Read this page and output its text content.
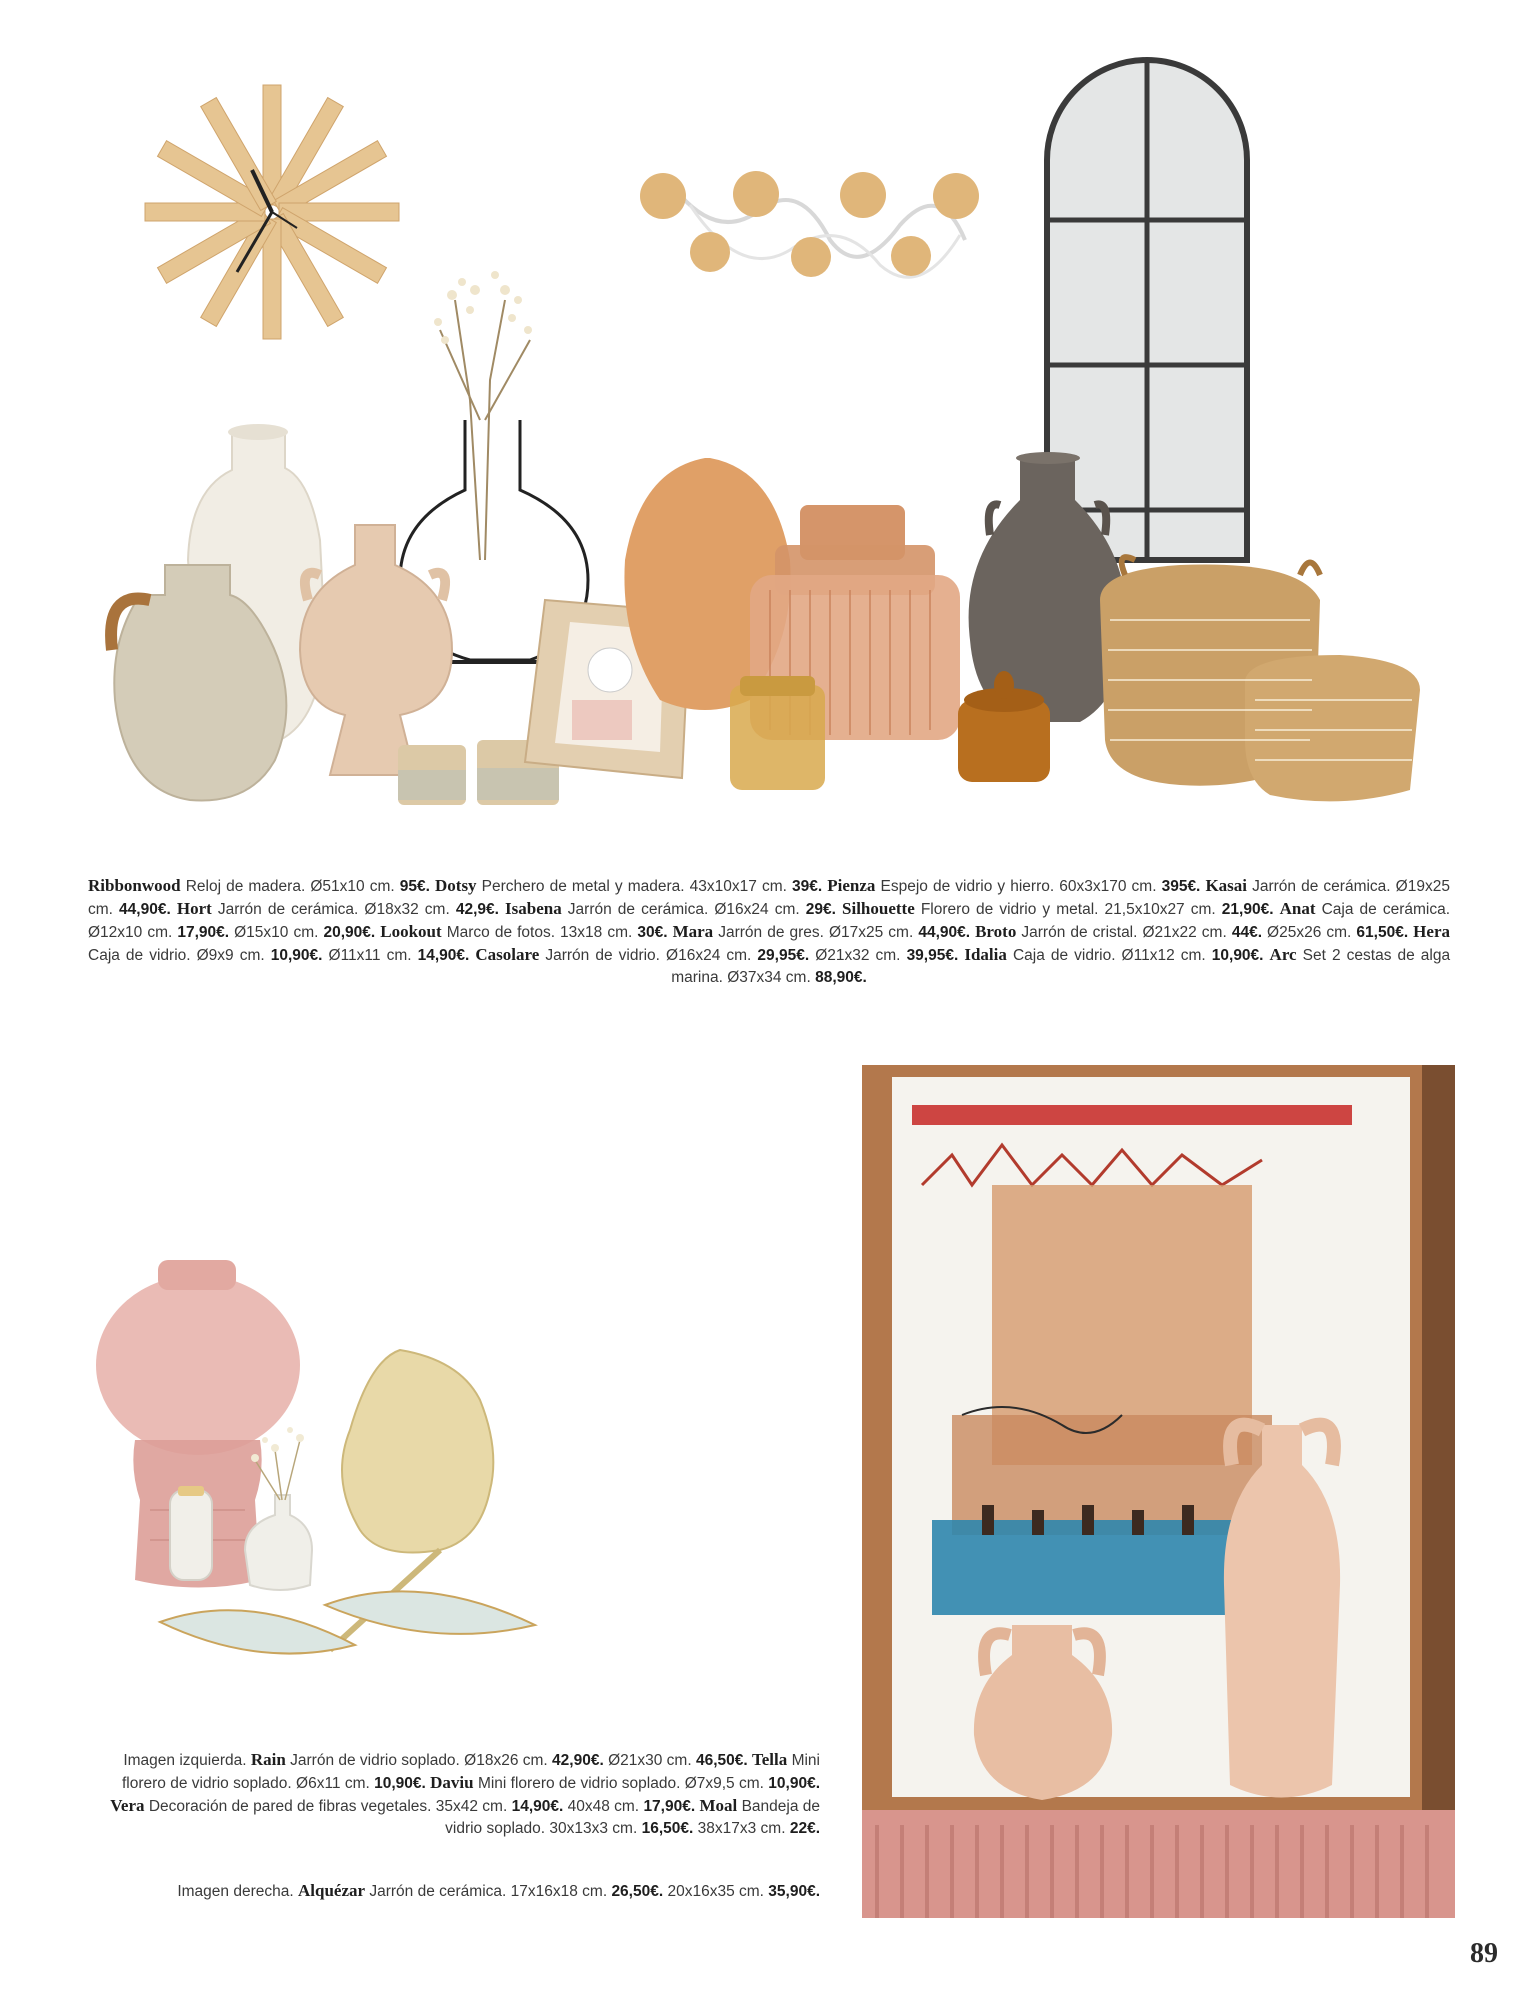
Ribbonwood Reloj de madera. Ø51x10 cm. 95€. Dotsy Perchero de metal y madera. 43x10x17 cm. 39€. Pienza Espejo de vidrio y hierro. 60x3x170 cm. 395€. Kasai Jarrón de cerámica. Ø19x25 cm. 44,90€. Hort Jarrón de cerámica. Ø18x32 cm. 42,9€. Isabena Jarrón de cerámica. Ø16x24 cm. 29€. Silhouette Florero de vidrio y metal. 21,5x10x27 cm. 21,90€. Anat Caja de cerámica. Ø12x10 cm. 17,90€. Ø15x10 cm. 20,90€. Lookout Marco de fotos. 13x18 cm. 30€. Mara Jarrón de gres. Ø17x25 cm. 44,90€. Broto Jarrón de cristal. Ø21x22 cm. 44€. Ø25x26 cm. 61,50€. Hera Caja de vidrio. Ø9x9 cm. 10,90€. Ø11x11 cm. 14,90€. Casolare Jarrón de vidrio. Ø16x24 cm. 29,95€. Ø21x32 cm. 39,95€. Idalia Caja de vidrio. Ø11x12 cm. 10,90€. Arc Set 2 cestas de alga marina. Ø37x34 cm. 88,90€.
Imagen izquierda. Rain Jarrón de vidrio soplado. Ø18x26 cm. 42,90€. Ø21x30 cm. 46,50€. Tella Mini florero de vidrio soplado. Ø6x11 cm. 10,90€. Daviu Mini florero de vidrio soplado. Ø7x9,5 cm. 10,90€. Vera Decoración de pared de fibras vegetales. 35x42 cm. 14,90€. 40x48 cm. 17,90€. Moal Bandeja de vidrio soplado. 30x13x3 cm. 16,50€. 38x17x3 cm. 22€.
Imagen derecha. Alquézar Jarrón de cerámica. 17x16x18 cm. 26,50€. 20x16x35 cm. 35,90€.
89
